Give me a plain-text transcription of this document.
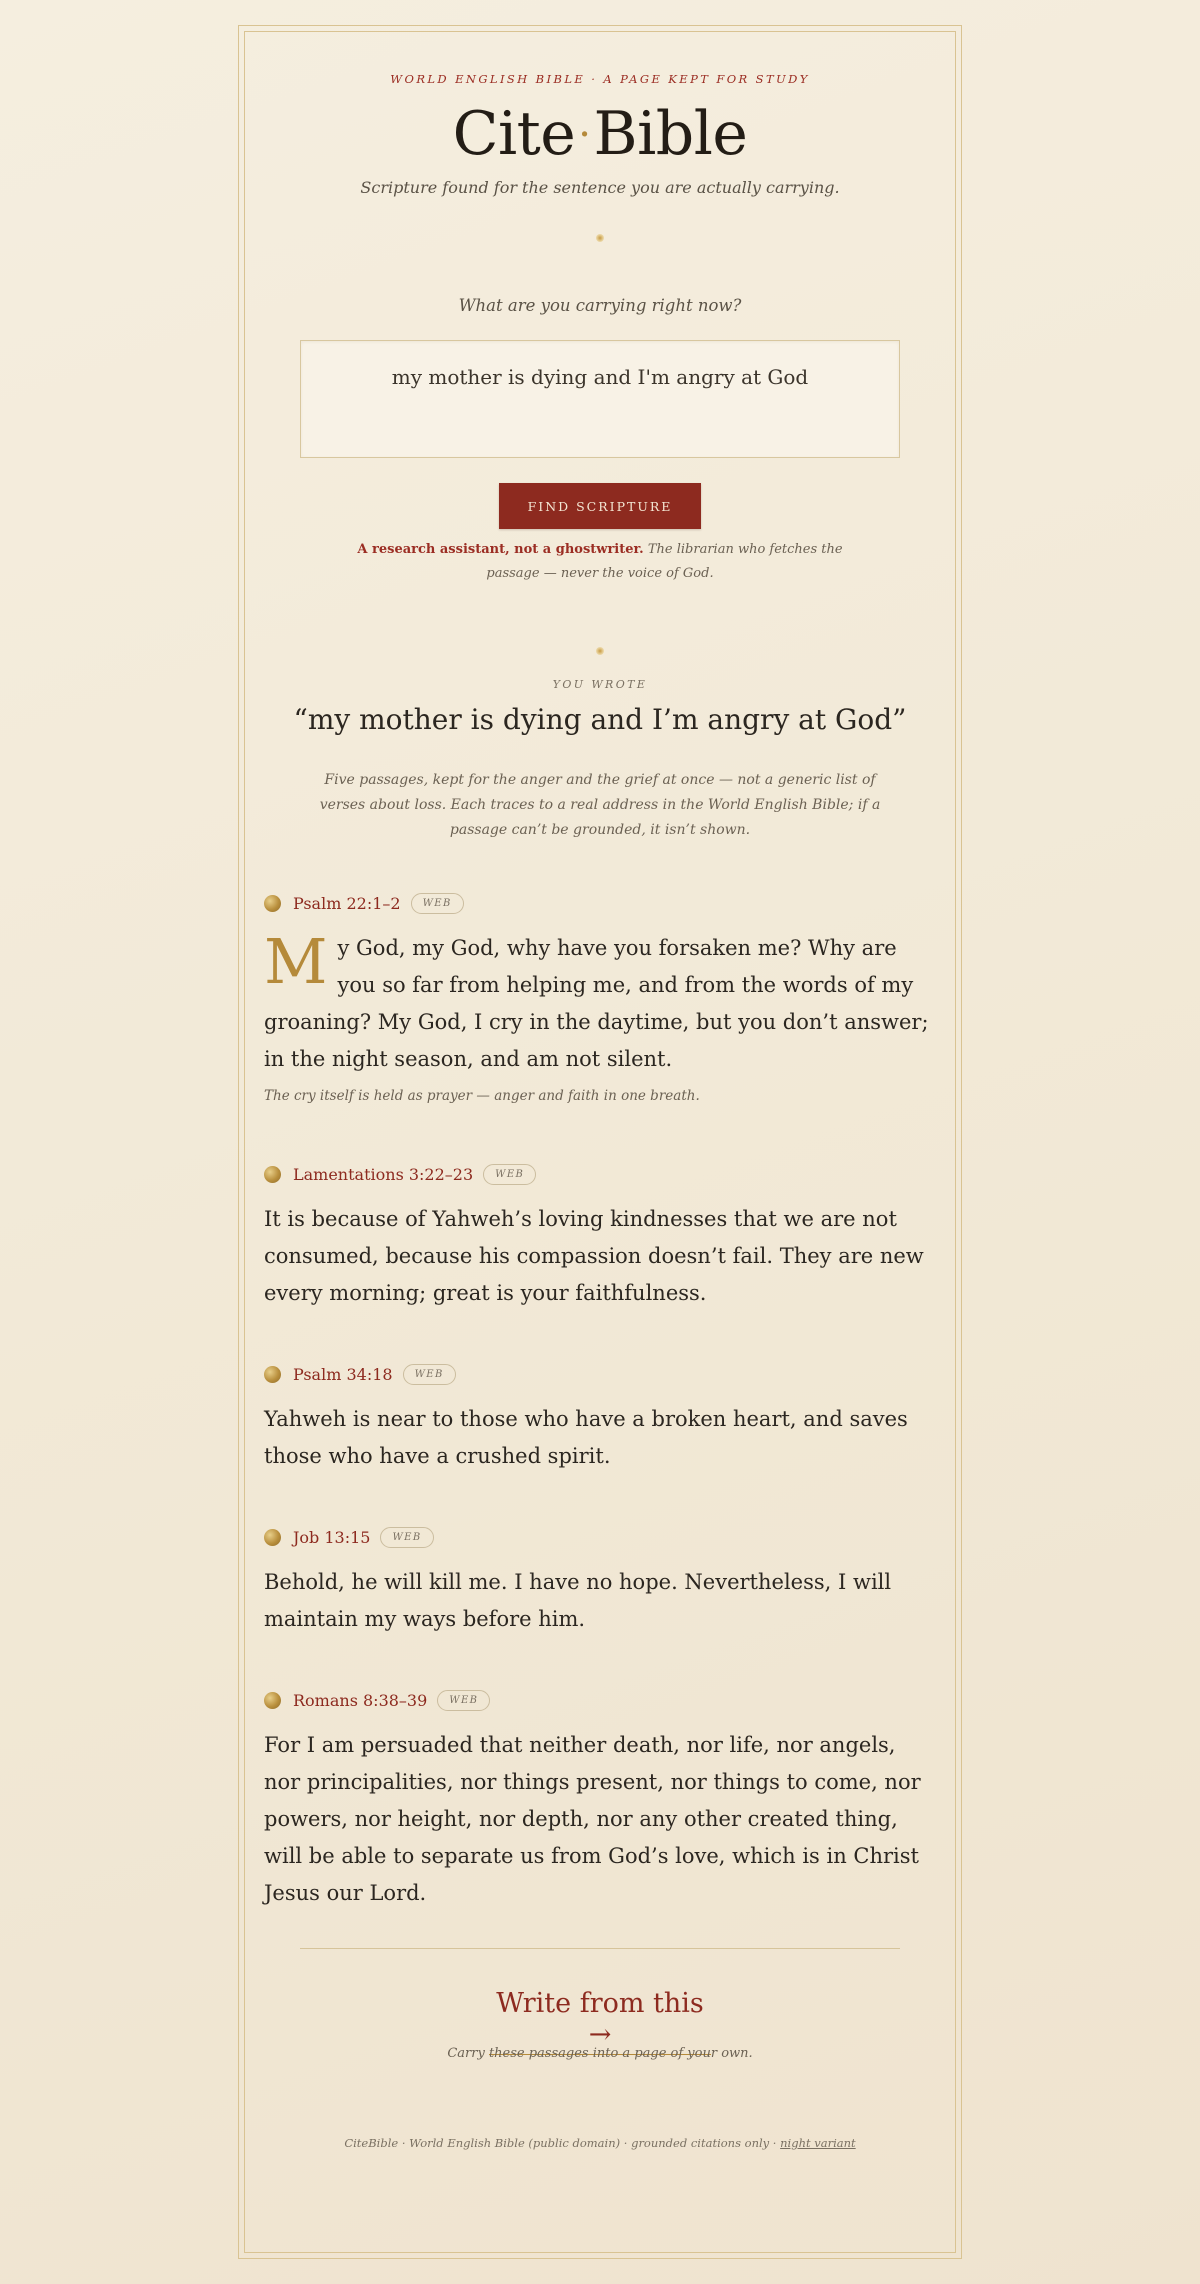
WORLD ENGLISH BIBLE · A PAGE KEPT FOR STUDY
Cite·Bible
Scripture found for the sentence you are actually carrying.
What are you carrying right now?
my mother is dying and I'm angry at God
FIND SCRIPTURE
A research assistant, not a ghostwriter. The librarian who fetches the passage — never the voice of God.
YOU WROTE
“my mother is dying and I’m angry at God”
Five passages, kept for the anger and the grief at once — not a generic list of verses about loss. Each traces to a real address in the World English Bible; if a passage can’t be grounded, it isn’t shown.
Psalm 22:1–2	WEB
My God, my God, why have you forsaken me? Why are you so far from helping me, and from the words of my groaning? My God, I cry in the daytime, but you don’t answer; in the night season, and am not silent.
The cry itself is held as prayer — anger and faith in one breath.
Lamentations 3:22–23	WEB
It is because of Yahweh’s loving kindnesses that we are not consumed, because his compassion doesn’t fail. They are new every morning; great is your faithfulness.
Psalm 34:18	WEB
Yahweh is near to those who have a broken heart, and saves those who have a crushed spirit.
Job 13:15	WEB
Behold, he will kill me. I have no hope. Nevertheless, I will maintain my ways before him.
Romans 8:38–39	WEB
For I am persuaded that neither death, nor life, nor angels, nor principalities, nor things present, nor things to come, nor powers, nor height, nor depth, nor any other created thing, will be able to separate us from God’s love, which is in Christ Jesus our Lord.
Write from this →
Carry these passages into a page of your own.
CiteBible · World English Bible (public domain) · grounded citations only · night variant
